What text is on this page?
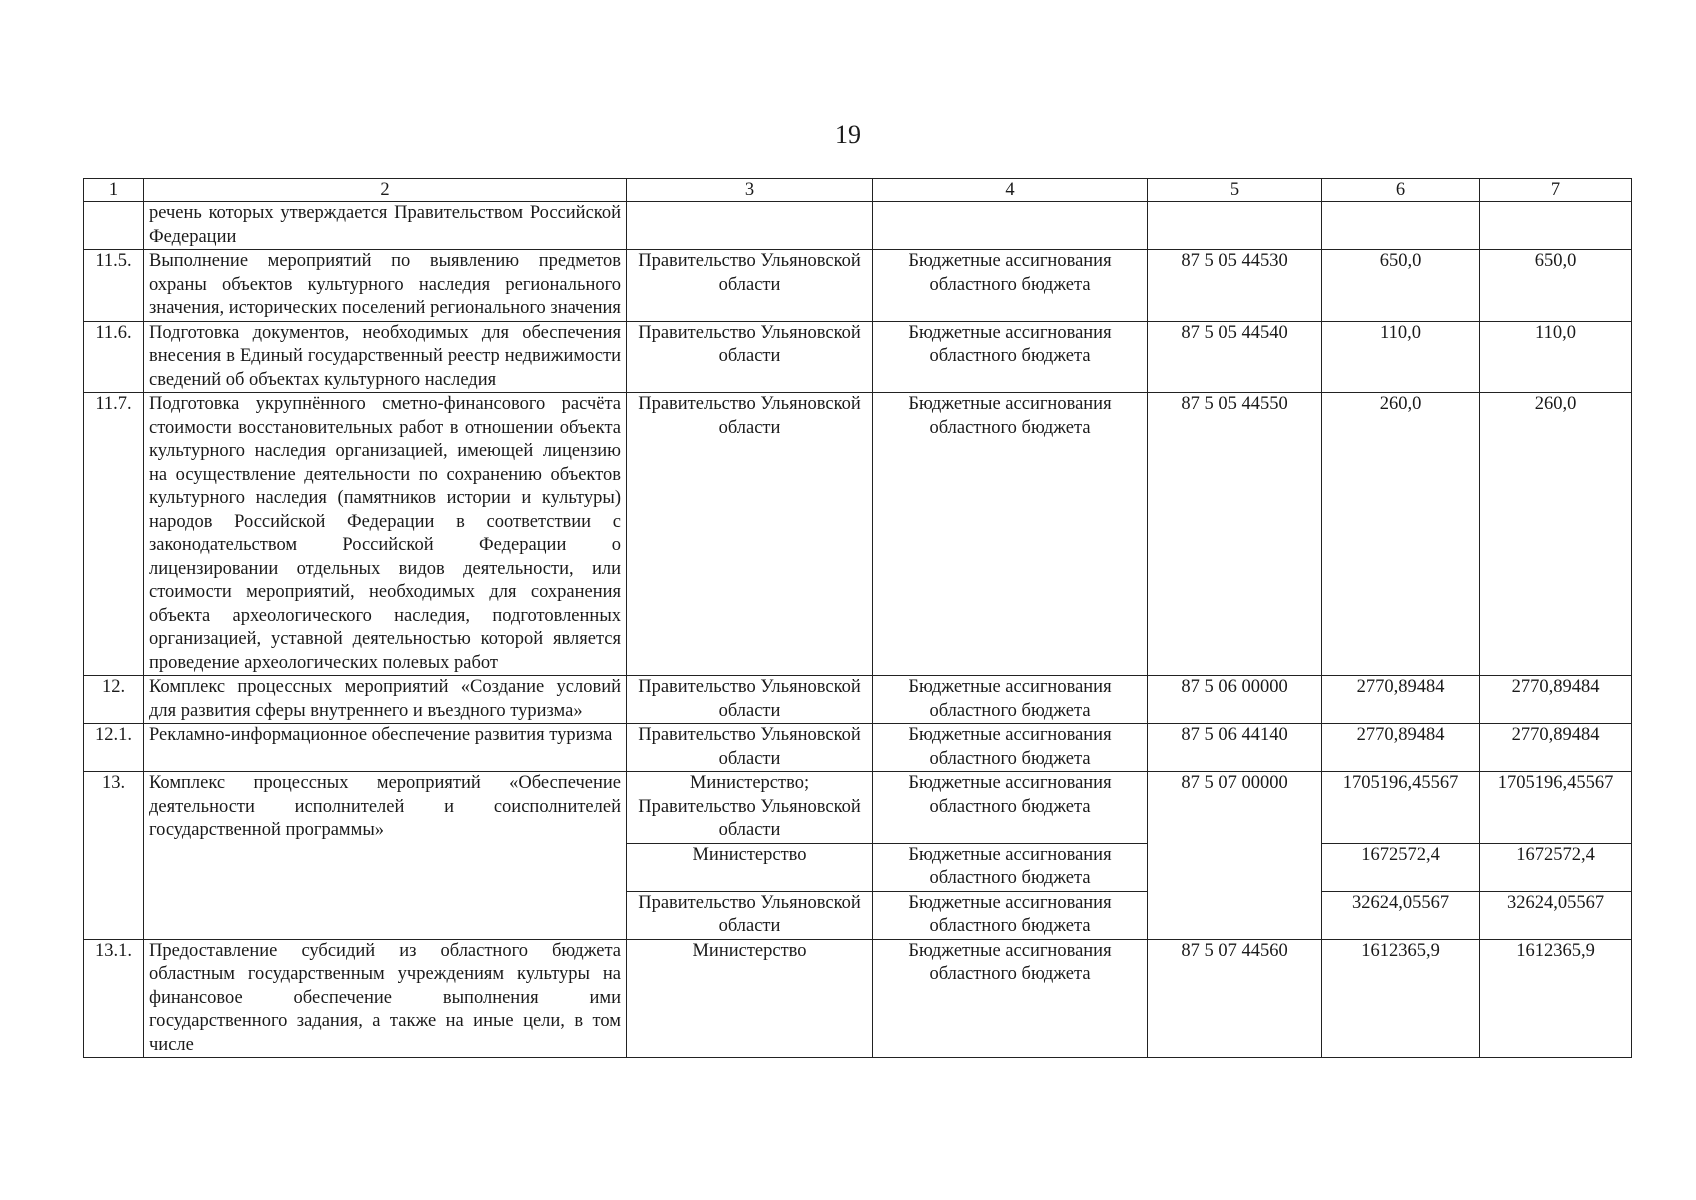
19
1	2	3	4	5	6	7
	речень которых утверждается Правительством Российской Федерации					
11.5.	Выполнение мероприятий по выявлению предметов охраны объектов культурного наследия регионального значения, исторических поселений регионального значения	Правительство Ульяновской области	Бюджетные ассигнования областного бюджета	87 5 05 44530	650,0	650,0
11.6.	Подготовка документов, необходимых для обеспечения внесения в Единый государственный реестр недвижимости сведений об объектах культурного наследия	Правительство Ульяновской области	Бюджетные ассигнования областного бюджета	87 5 05 44540	110,0	110,0
11.7.	Подготовка укрупнённого сметно-финансового расчёта стоимости восстановительных работ в отношении объекта культурного наследия организацией, имеющей лицензию на осуществление деятельности по сохранению объектов культурного наследия (памятников истории и культуры) народов Российской Федерации в соответствии с законодательством Российской Федерации о лицензировании отдельных видов деятельности, или стоимости мероприятий, необходимых для сохранения объекта археологического наследия, подготовленных организацией, уставной деятельностью которой является проведение археологических полевых работ	Правительство Ульяновской области	Бюджетные ассигнования областного бюджета	87 5 05 44550	260,0	260,0
12.	Комплекс процессных мероприятий «Создание условий для развития сферы внутреннего и въездного туризма»	Правительство Ульяновской области	Бюджетные ассигнования областного бюджета	87 5 06 00000	2770,89484	2770,89484
12.1.	Рекламно-информационное обеспечение развития туризма	Правительство Ульяновской области	Бюджетные ассигнования областного бюджета	87 5 06 44140	2770,89484	2770,89484
13.	Комплекс процессных мероприятий «Обеспечение деятельности исполнителей и соисполнителей государственной программы»	Министерство; Правительство Ульяновской области	Бюджетные ассигнования областного бюджета	87 5 07 00000	1705196,45567	1705196,45567
		Министерство	Бюджетные ассигнования областного бюджета		1672572,4	1672572,4
		Правительство Ульяновской области	Бюджетные ассигнования областного бюджета		32624,05567	32624,05567
13.1.	Предоставление субсидий из областного бюджета областным государственным учреждениям культуры на финансовое обеспечение выполнения ими государственного задания, а также на иные цели, в том числе	Министерство	Бюджетные ассигнования областного бюджета	87 5 07 44560	1612365,9	1612365,9
